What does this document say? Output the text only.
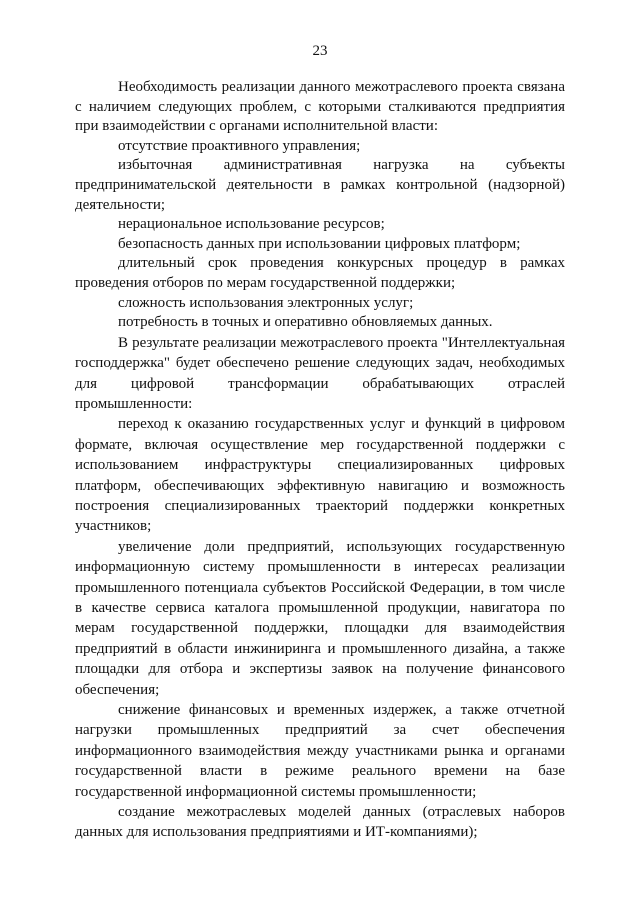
23

Необходимость реализации данного межотраслевого проекта связана с наличием следующих проблем, с которыми сталкиваются предприятия при взаимодействии с органами исполнительной власти:

отсутствие проактивного управления;

избыточная административная нагрузка на субъекты предпринимательской деятельности в рамках контрольной (надзорной) деятельности;

нерациональное использование ресурсов;

безопасность данных при использовании цифровых платформ;

длительный срок проведения конкурсных процедур в рамках проведения отборов по мерам государственной поддержки;

сложность использования электронных услуг;

потребность в точных и оперативно обновляемых данных.

В результате реализации межотраслевого проекта "Интеллектуальная господдержка" будет обеспечено решение следующих задач, необходимых для цифровой трансформации обрабатывающих отраслей промышленности:

переход к оказанию государственных услуг и функций в цифровом формате, включая осуществление мер государственной поддержки с использованием инфраструктуры специализированных цифровых платформ, обеспечивающих эффективную навигацию и возможность построения специализированных траекторий поддержки конкретных участников;

увеличение доли предприятий, использующих государственную информационную систему промышленности в интересах реализации промышленного потенциала субъектов Российской Федерации, в том числе в качестве сервиса каталога промышленной продукции, навигатора по мерам государственной поддержки, площадки для взаимодействия предприятий в области инжиниринга и промышленного дизайна, а также площадки для отбора и экспертизы заявок на получение финансового обеспечения;

снижение финансовых и временных издержек, а также отчетной нагрузки промышленных предприятий за счет обеспечения информационного взаимодействия между участниками рынка и органами государственной власти в режиме реального времени на базе государственной информационной системы промышленности;

создание межотраслевых моделей данных (отраслевых наборов данных для использования предприятиями и ИТ-компаниями);
